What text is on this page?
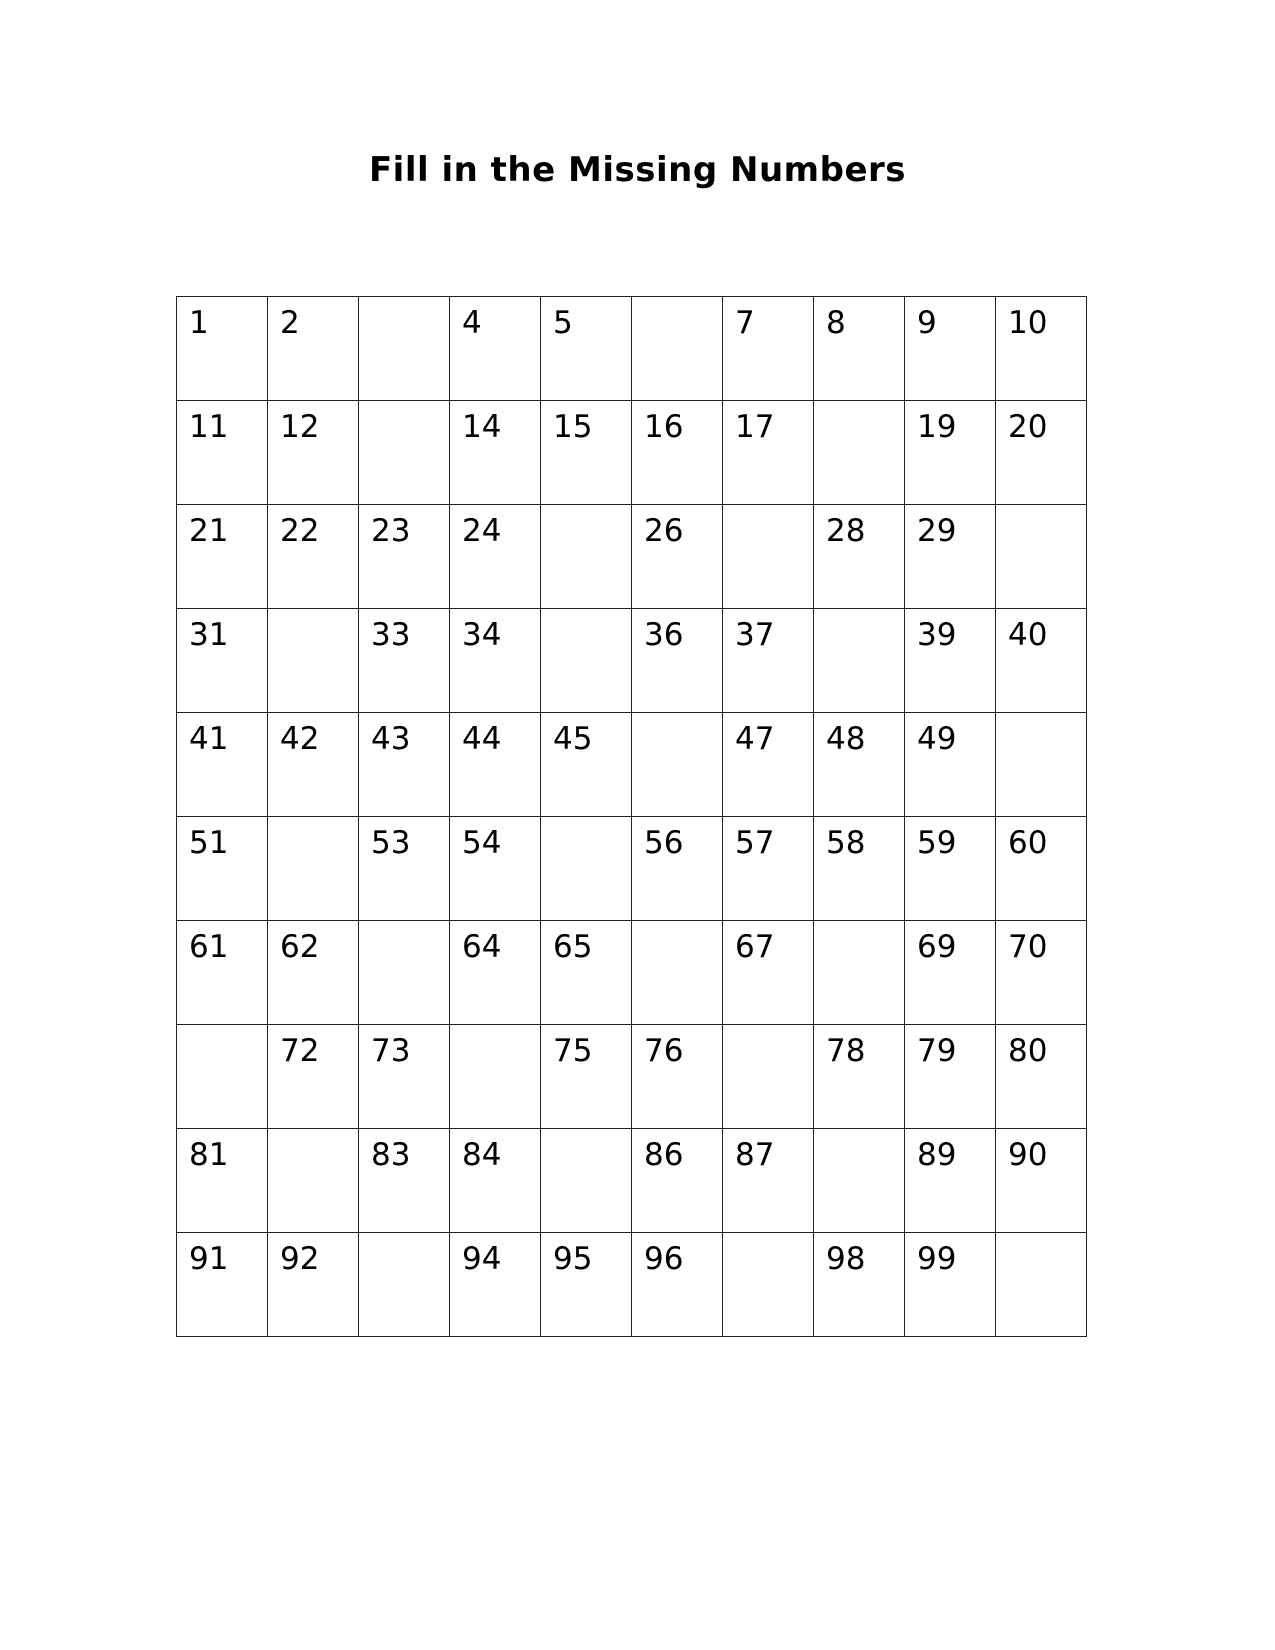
Fill in the Missing Numbers
1	2		4	5		7	8	9	10

11	12		14	15	16	17		19	20

21	22	23	24		26		28	29	

31		33	34		36	37		39	40

41	42	43	44	45		47	48	49	

51		53	54		56	57	58	59	60

61	62		64	65		67		69	70

	72	73		75	76		78	79	80

81		83	84		86	87		89	90

91	92		94	95	96		98	99	
